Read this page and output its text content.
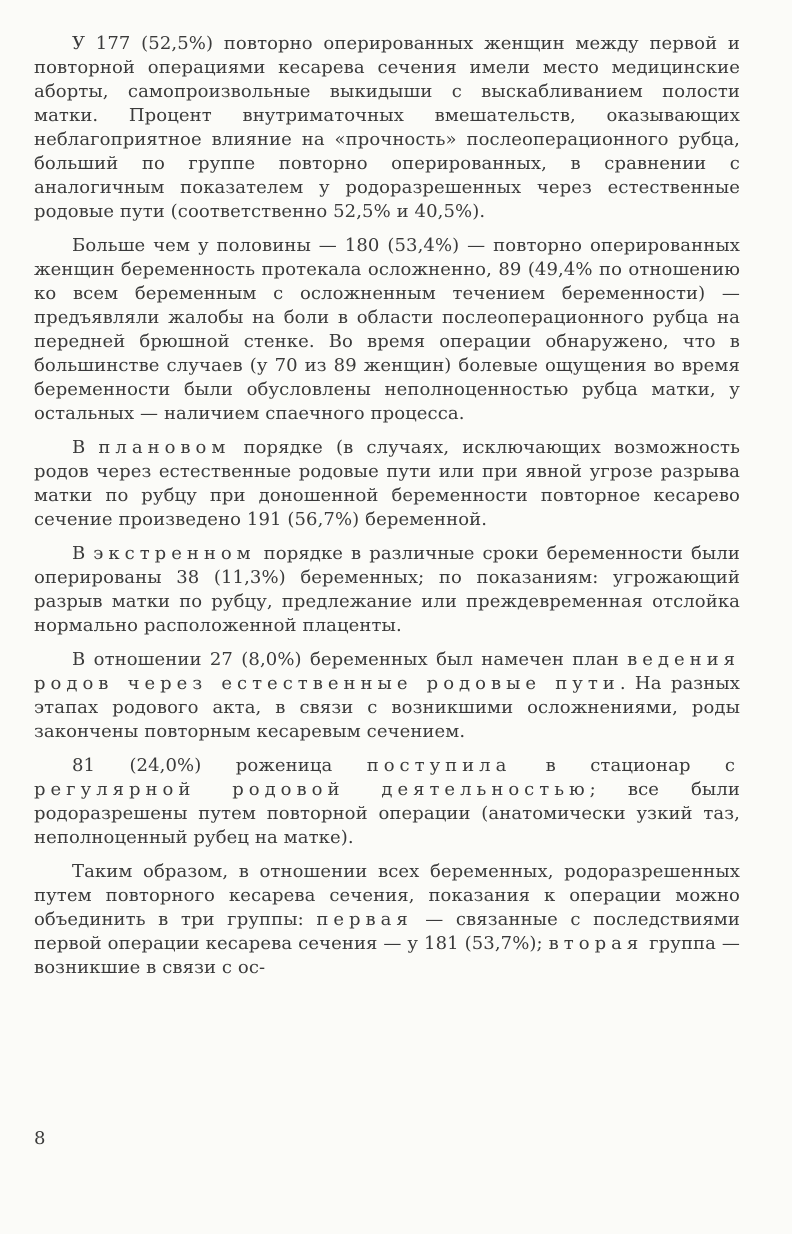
У 177 (52,5%) повторно оперированных женщин между первой и повторной операциями кесарева сечения имели место медицинские аборты, самопроизвольные выкидыши с выскабливанием полости матки. Процент внутриматочных вмешательств, оказывающих неблагоприятное влияние на «прочность» послеоперационного рубца, больший по группе повторно оперированных, в сравнении с аналогичным показателем у родоразрешенных через естественные родовые пути (соответственно 52,5% и 40,5%).

Больше чем у половины — 180 (53,4%) — повторно оперированных женщин беременность протекала осложненно, 89 (49,4% по отношению ко всем беременным с осложненным течением беременности) — предъявляли жалобы на боли в области послеоперационного рубца на передней брюшной стенке. Во время операции обнаружено, что в большинстве случаев (у 70 из 89 женщин) болевые ощущения во время беременности были обусловлены неполноценностью рубца матки, у остальных — наличием спаечного процесса.

В плановом порядке (в случаях, исключающих возможность родов через естественные родовые пути или при явной угрозе разрыва матки по рубцу при доношенной беременности повторное кесарево сечение произведено 191 (56,7%) беременной.

В экстренном порядке в различные сроки беременности были оперированы 38 (11,3%) беременных; по показаниям: угрожающий разрыв матки по рубцу, предлежание или преждевременная отслойка нормально расположенной плаценты.

В отношении 27 (8,0%) беременных был намечен план ведения родов через естественные родовые пути. На разных этапах родового акта, в связи с возникшими осложнениями, роды закончены повторным кесаревым сечением.

81 (24,0%) роженица поступила в стационар с регулярной родовой деятельностью; все были родоразрешены путем повторной операции (анатомически узкий таз, неполноценный рубец на матке).

Таким образом, в отношении всех беременных, родоразрешенных путем повторного кесарева сечения, показания к операции можно объединить в три группы: первая — связанные с последствиями первой операции кесарева сечения — у 181 (53,7%); вторая группа — возникшие в связи с ос-

8
